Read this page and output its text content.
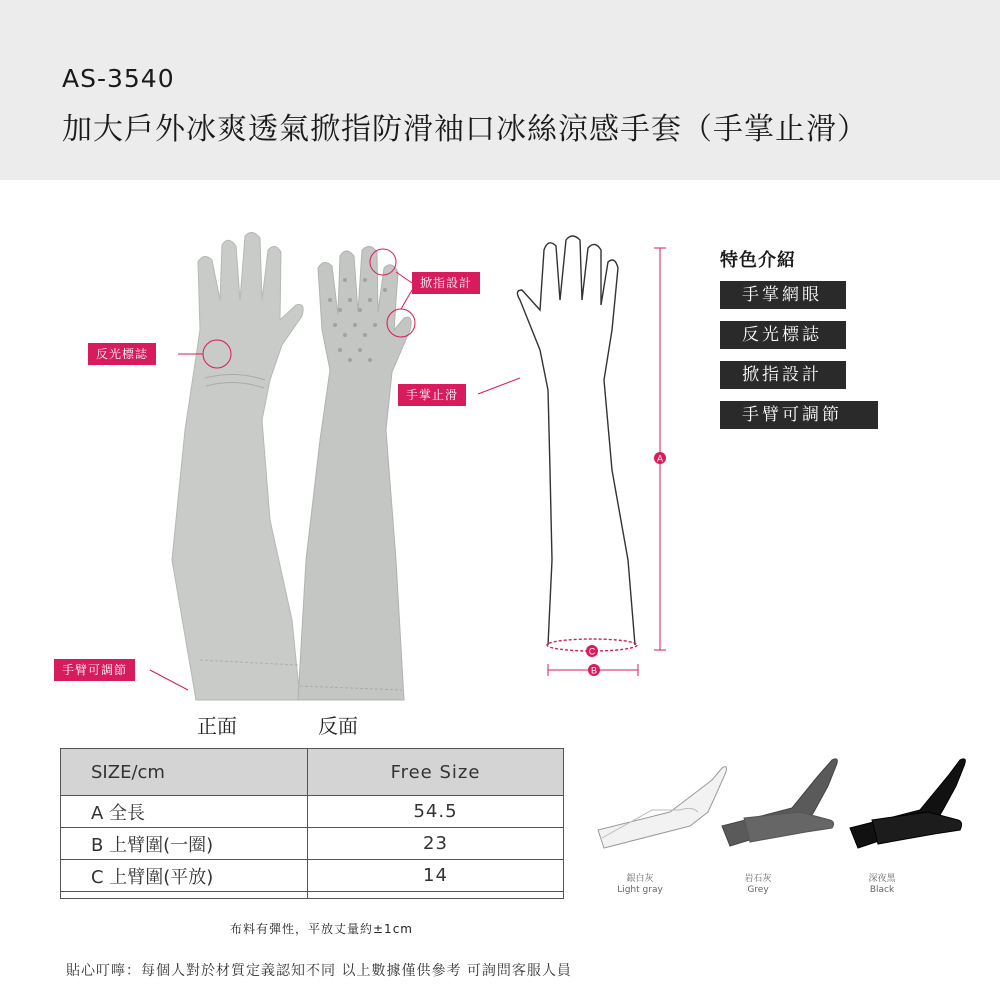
AS-3540
加大戶外冰爽透氣掀指防滑袖口冰絲涼感手套（手掌止滑）
A
C
B
反光標誌
掀指設計
手掌止滑
手臂可調節
正面	反面
特色介紹
手掌網眼
反光標誌
掀指設計
手臂可調節
SIZE/cm	Free Size
A 全長	54.5
B 上臂圍(一圈)	23
C 上臂圍(平放)	14

布料有彈性，平放丈量約±1cm
銀白灰
Light gray
岩石灰
Grey
深夜黑
Black
貼心叮嚀：每個人對於材質定義認知不同 以上數據僅供參考 可詢問客服人員
